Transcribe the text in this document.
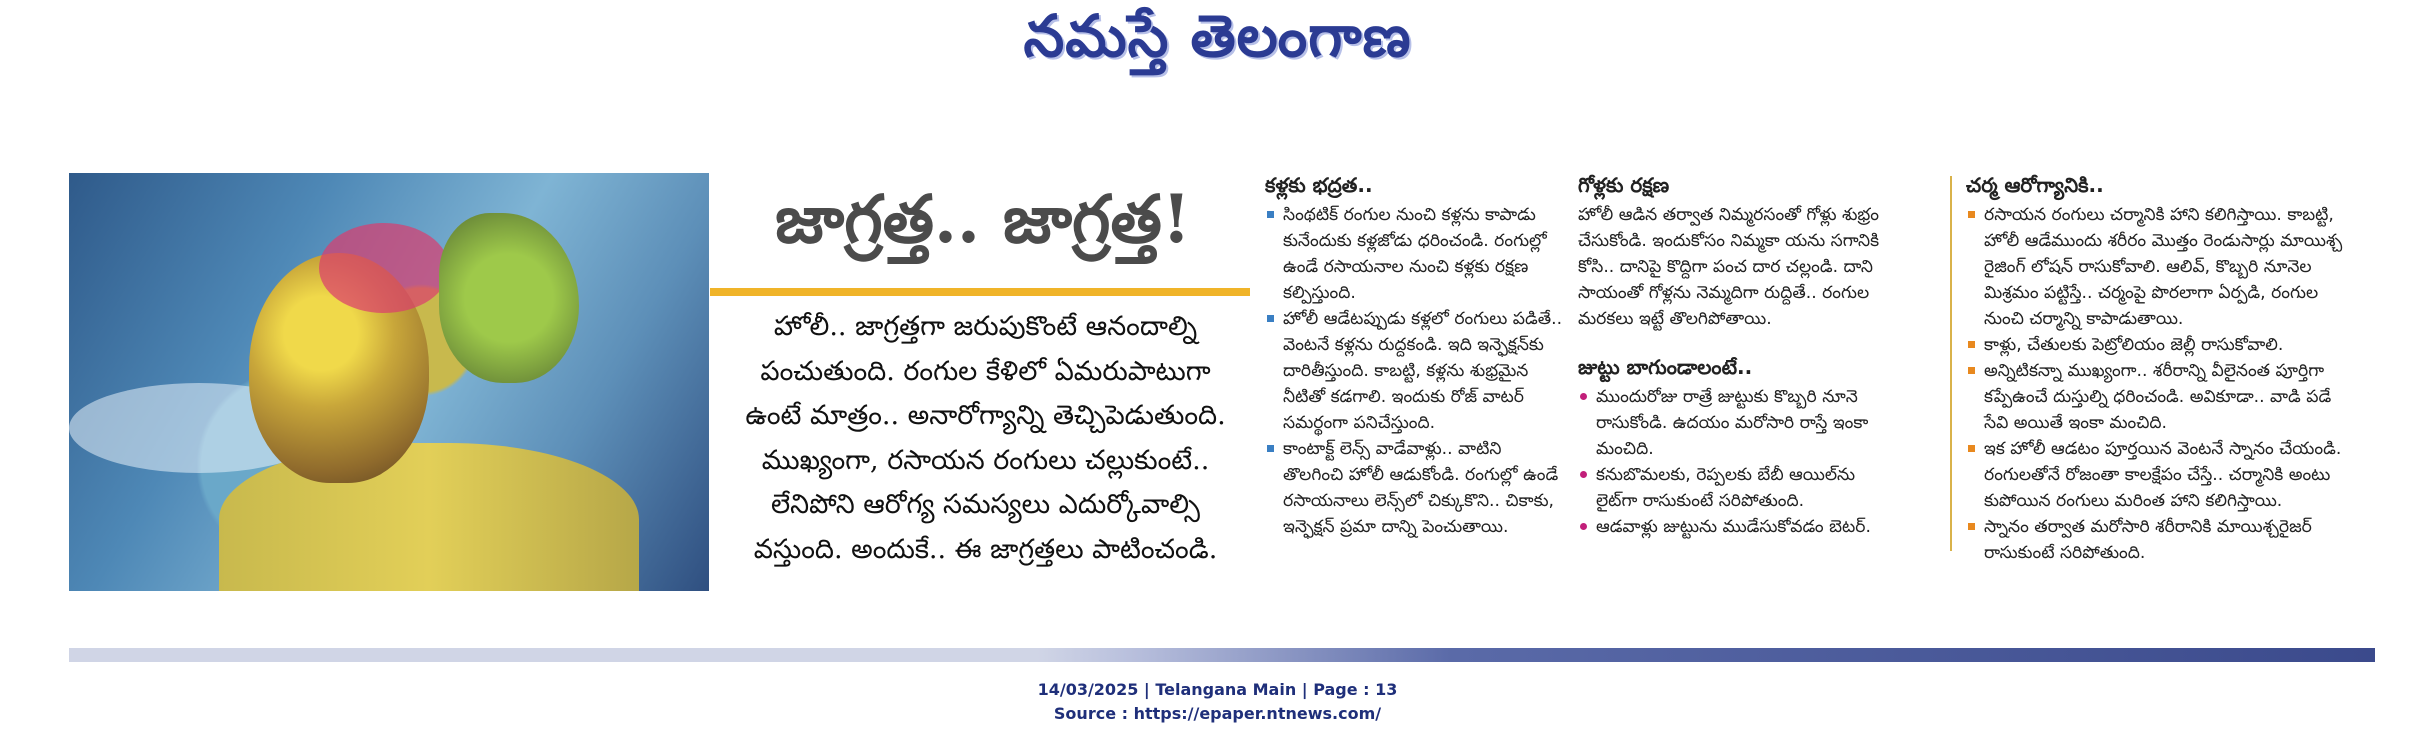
నమస్తే తెలంగాణ
జాగ్రత్త.. జాగ్రత్త!
హోలీ.. జాగ్రత్తగా జరుపుకొంటే ఆనందాల్ని
పంచుతుంది. రంగుల కేళిలో ఏమరుపాటుగా
ఉంటే మాత్రం.. అనారోగ్యాన్ని తెచ్చిపెడుతుంది.
ముఖ్యంగా, రసాయన రంగులు చల్లుకుంటే..
లేనిపోని ఆరోగ్య సమస్యలు ఎదుర్కోవాల్సి
వస్తుంది. అందుకే.. ఈ జాగ్రత్తలు పాటించండి.
కళ్లకు భద్రత..
సింథటిక్ రంగుల నుంచి కళ్లను కాపాడు కునేందుకు కళ్లజోడు ధరించండి. రంగుల్లో ఉండే రసాయనాల నుంచి కళ్లకు రక్షణ కల్పిస్తుంది.
హోలీ ఆడేటప్పుడు కళ్లలో రంగులు పడితే.. వెంటనే కళ్లను రుద్దకండి. ఇది ఇన్ఫెక్షన్‌కు దారితీస్తుంది. కాబట్టి, కళ్లను శుభ్రమైన నీటితో కడగాలి. ఇందుకు రోజ్ వాటర్ సమర్థంగా పనిచేస్తుంది.
కాంటాక్ట్ లెన్స్ వాడేవాళ్లు.. వాటిని తొలగించి హోలీ ఆడుకోండి. రంగుల్లో ఉండే రసాయనాలు లెన్స్‌లో చిక్కుకొని.. చికాకు, ఇన్ఫెక్షన్ ప్రమా దాన్ని పెంచుతాయి.
గోళ్లకు రక్షణ

హోలీ ఆడిన తర్వాత నిమ్మరసంతో గోళ్లు శుభ్రం చేసుకోండి. ఇందుకోసం నిమ్మకా యను సగానికి కోసి.. దానిపై కొద్దిగా పంచ దార చల్లండి. దాని సాయంతో గోళ్లను నెమ్మదిగా రుద్దితే.. రంగుల మరకలు ఇట్టే తొలగిపోతాయి.

జుట్టు బాగుండాలంటే..
ముందురోజు రాత్రే జుట్టుకు కొబ్బరి నూనె రాసుకోండి. ఉదయం మరోసారి రాస్తే ఇంకా మంచిది.
కనుబొమలకు, రెప్పలకు బేబీ ఆయిల్‌ను లైట్‌గా రాసుకుంటే సరిపోతుంది.
ఆడవాళ్లు జుట్టును ముడేసుకోవడం బెటర్.
చర్మ ఆరోగ్యానికి..
రసాయన రంగులు చర్మానికి హాని కలిగిస్తాయి. కాబట్టి, హోలీ ఆడేముందు శరీరం మొత్తం రెండుసార్లు మాయిశ్చ రైజింగ్ లోషన్ రాసుకోవాలి. ఆలివ్, కొబ్బరి నూనెల మిశ్రమం పట్టిస్తే.. చర్మంపై పొరలాగా ఏర్పడి, రంగుల నుంచి చర్మాన్ని కాపాడుతాయి.
కాళ్లు, చేతులకు పెట్రోలియం జెల్లీ రాసుకోవాలి.
అన్నిటికన్నా ముఖ్యంగా.. శరీరాన్ని వీలైనంత పూర్తిగా కప్పేఉంచే దుస్తుల్ని ధరించండి. అవికూడా.. వాడి పడే సేవి అయితే ఇంకా మంచిది.
ఇక హోలీ ఆడటం పూర్తయిన వెంటనే స్నానం చేయండి. రంగులతోనే రోజంతా కాలక్షేపం చేస్తే.. చర్మానికి అంటు కుపోయిన రంగులు మరింత హాని కలిగిస్తాయి.
స్నానం తర్వాత మరోసారి శరీరానికి మాయిశ్చరైజర్ రాసుకుంటే సరిపోతుంది.
14/03/2025 | Telangana Main | Page : 13
Source : https://epaper.ntnews.com/
